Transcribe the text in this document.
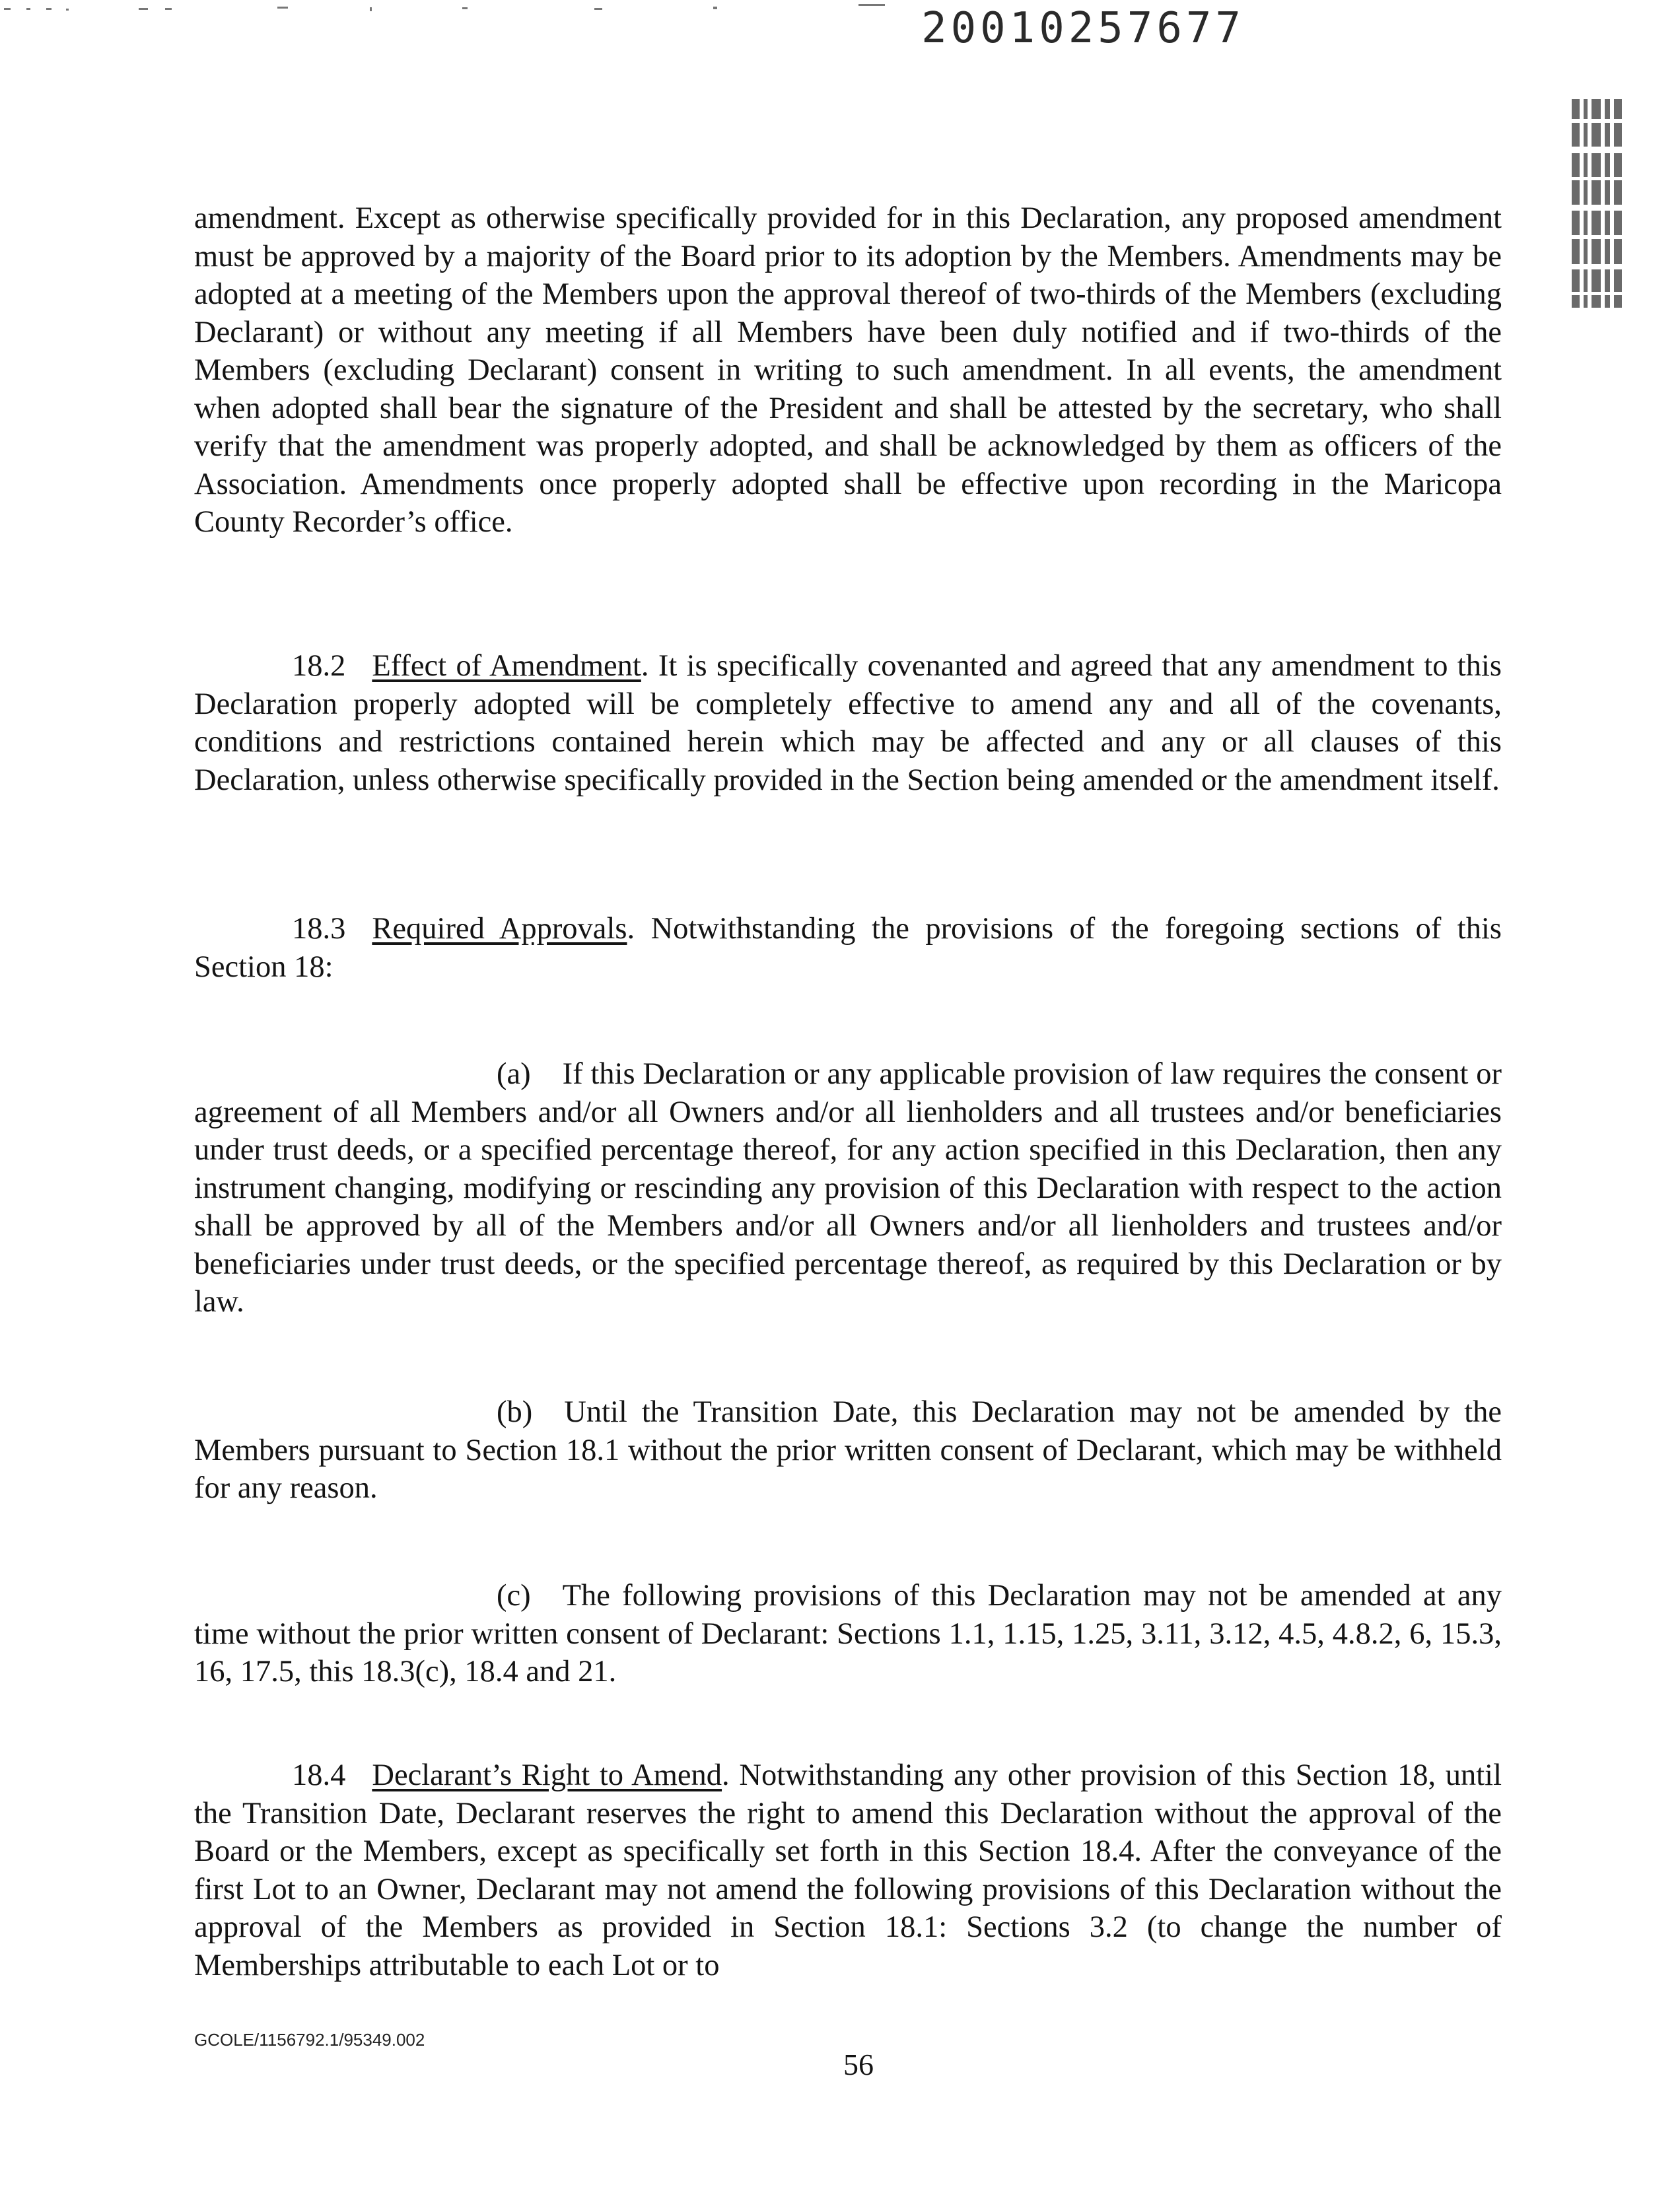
20010257677

amendment. Except as otherwise specifically provided for in this Declaration, any proposed amendment must be approved by a majority of the Board prior to its adoption by the Members. Amendments may be adopted at a meeting of the Members upon the approval thereof of two-thirds of the Members (excluding Declarant) or without any meeting if all Members have been duly notified and if two-thirds of the Members (excluding Declarant) consent in writing to such amendment. In all events, the amendment when adopted shall bear the signature of the President and shall be attested by the secretary, who shall verify that the amendment was properly adopted, and shall be acknowledged by them as officers of the Association. Amendments once properly adopted shall be effective upon recording in the Maricopa County Recorder’s office.

18.2 Effect of Amendment. It is specifically covenanted and agreed that any amendment to this Declaration properly adopted will be completely effective to amend any and all of the covenants, conditions and restrictions contained herein which may be affected and any or all clauses of this Declaration, unless otherwise specifically provided in the Section being amended or the amendment itself.

18.3 Required Approvals. Notwithstanding the provisions of the foregoing sections of this Section 18:

(a) If this Declaration or any applicable provision of law requires the consent or agreement of all Members and/or all Owners and/or all lienholders and all trustees and/or beneficiaries under trust deeds, or a specified percentage thereof, for any action specified in this Declaration, then any instrument changing, modifying or rescinding any provision of this Declaration with respect to the action shall be approved by all of the Members and/or all Owners and/or all lienholders and trustees and/or beneficiaries under trust deeds, or the specified percentage thereof, as required by this Declaration or by law.

(b) Until the Transition Date, this Declaration may not be amended by the Members pursuant to Section 18.1 without the prior written consent of Declarant, which may be withheld for any reason.

(c) The following provisions of this Declaration may not be amended at any time without the prior written consent of Declarant: Sections 1.1, 1.15, 1.25, 3.11, 3.12, 4.5, 4.8.2, 6, 15.3, 16, 17.5, this 18.3(c), 18.4 and 21.

18.4 Declarant’s Right to Amend. Notwithstanding any other provision of this Section 18, until the Transition Date, Declarant reserves the right to amend this Declaration without the approval of the Board or the Members, except as specifically set forth in this Section 18.4. After the conveyance of the first Lot to an Owner, Declarant may not amend the following provisions of this Declaration without the approval of the Members as provided in Section 18.1: Sections 3.2 (to change the number of Memberships attributable to each Lot or to

GCOLE/1156792.1/95349.002
56
